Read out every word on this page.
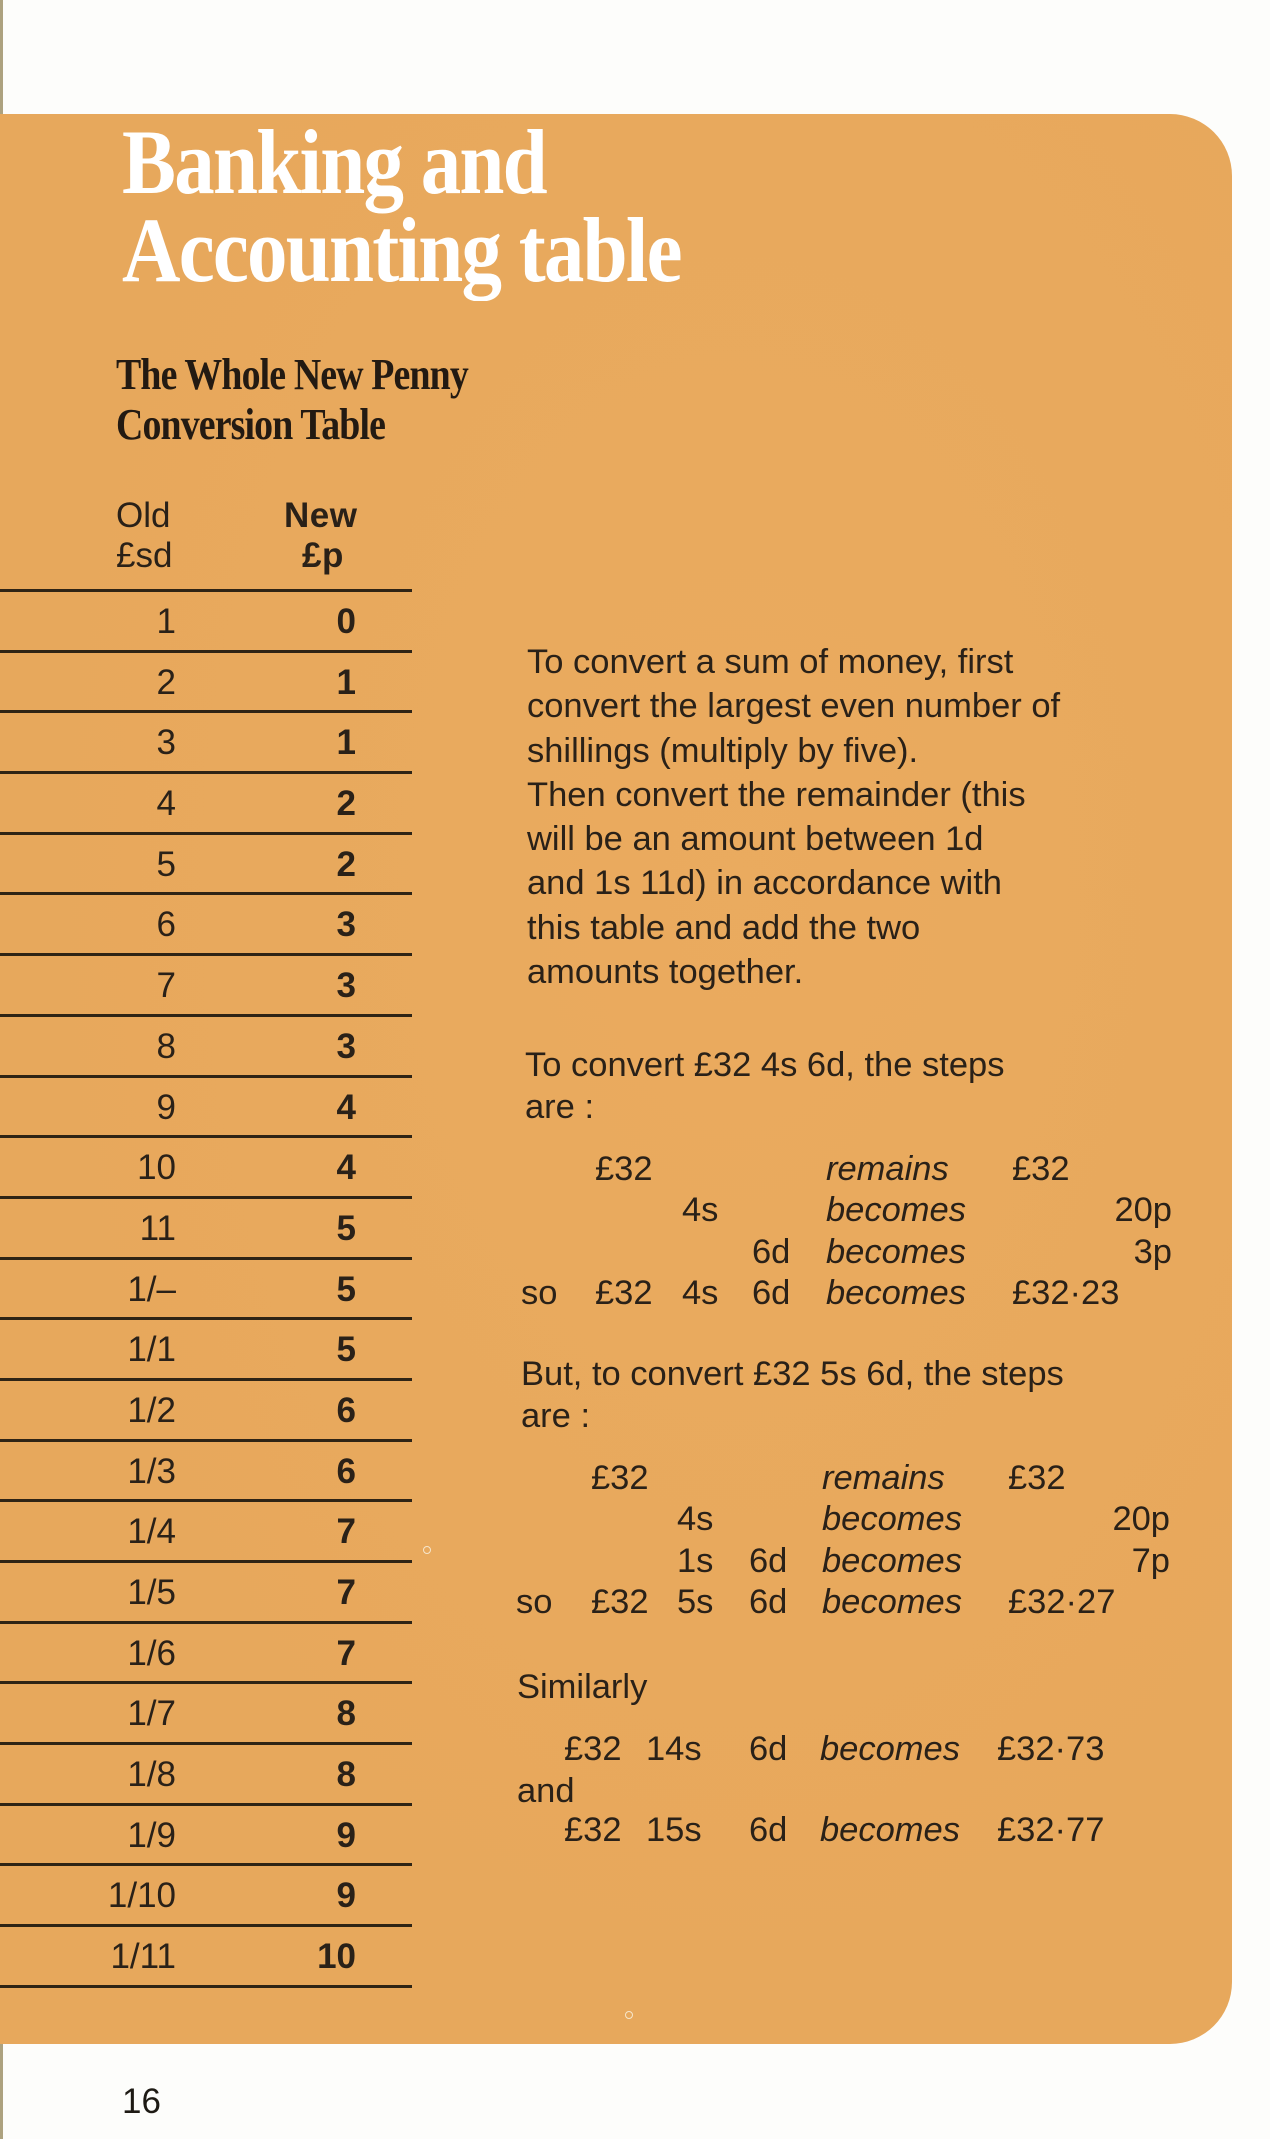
Banking and
Accounting table
The Whole New Penny
Conversion Table
Old
£sd
New
£p
1	0
2	1
3	1
4	2
5	2
6	3
7	3
8	3
9	4
10	4
11	5
1/–	5
1/1	5
1/2	6
1/3	6
1/4	7
1/5	7
1/6	7
1/7	8
1/8	8
1/9	9
1/10	9
1/11	10
To convert a sum of money, first
convert the largest even number of
shillings (multiply by five).
Then convert the remainder (this
will be an amount between 1d
and 1s 11d) in accordance with
this table and add the two
amounts together.
To convert £32 4s 6d, the steps
are :
£32	remains £32
4s	becomes	20p
6d becomes	3p
so £32 4s 6d becomes £32·23
But, to convert £32 5s 6d, the steps
are :
£32	remains £32
4s	becomes	20p
1s 6d becomes	7p
so £32 5s 6d becomes £32·27
Similarly
and
£32 14s 6d becomes £32·73
£32 15s 6d becomes £32·77
16
